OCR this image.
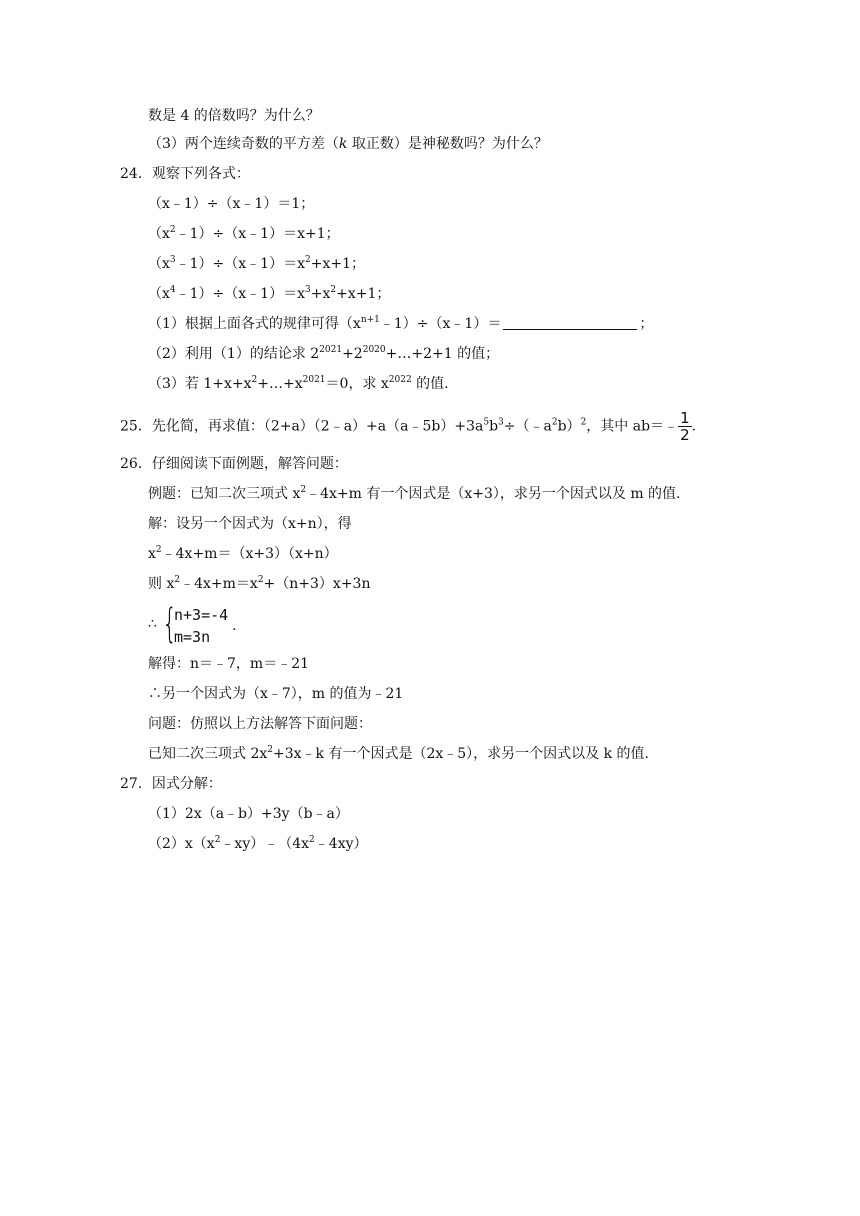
数是 4 的倍数吗？为什么？
（3）两个连续奇数的平方差（k 取正数）是神秘数吗？为什么？
24．观察下列各式：
（x﹣1）÷（x﹣1）＝1；
$(x^2﹣1)\div(x﹣1)=x+1$；
$(x^3﹣1)\div(x﹣1)=x^2+x+1$；
$(x^4﹣1)\div(x﹣1)=x^3+x^2+x+1$；
（1）根据上面各式的规律可得$(x^{n+1}﹣1)\div(x﹣1)=$	；
（2）利用（1）的结论求 $2^{2021}+2^{2020}+\dots+2+1$ 的值；
（3）若 $1+x+x^2+\dots+x^{2021}=0$，求 $x^{2022}$ 的值.
25．先化简，再求值：$(2+a)(2﹣a)+a(a﹣5b)+3a^5b^3\div(﹣a^2b)^2$，其中 ab＝﹣ $\frac{1}{2}$ .
26．仔细阅读下面例题，解答问题：
例题：已知二次三项式 $x^2﹣4x+m$ 有一个因式是（x+3），求另一个因式以及 m 的值.
解：设另一个因式为（x+n），得
$x^2﹣4x+m=(x+3)(x+n)$
则 $x^2﹣4x+m=x^2+(n+3)x+3n$
∴ {
n+3=-4
m=3n
.
解得：n＝﹣7，m＝﹣21
∴另一个因式为（x﹣7），m 的值为﹣21
问题：仿照以上方法解答下面问题：
已知二次三项式 $2x^2+3x﹣k$ 有一个因式是（2x﹣5），求另一个因式以及 k 的值.
27．因式分解：
（1）2x（a﹣b）+3y（b﹣a）
$(2)x(x^2﹣xy)﹣(4x^2﹣4xy)$
